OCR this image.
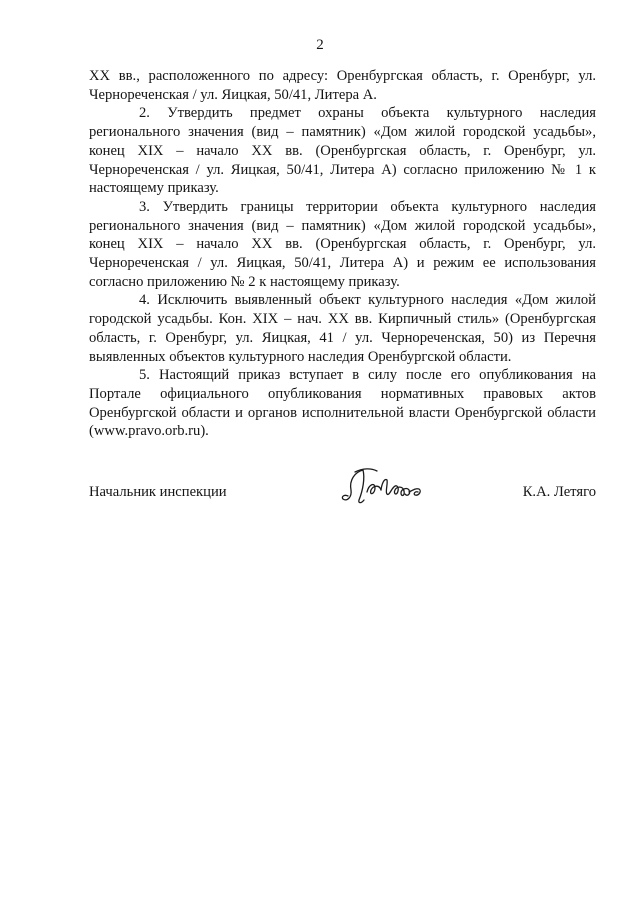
2

XX вв., расположенного по адресу: Оренбургская область, г. Оренбург, ул. Чернореченская / ул. Яицкая, 50/41, Литера А.

2. Утвердить предмет охраны объекта культурного наследия регионального значения (вид – памятник) «Дом жилой городской усадьбы», конец XIX – начало XX вв. (Оренбургская область, г. Оренбург, ул. Чернореченская / ул. Яицкая, 50/41, Литера А) согласно приложению № 1 к настоящему приказу.

3. Утвердить границы территории объекта культурного наследия регионального значения (вид – памятник) «Дом жилой городской усадьбы», конец XIX – начало XX вв. (Оренбургская область, г. Оренбург, ул. Чернореченская / ул. Яицкая, 50/41, Литера А) и режим ее использования согласно приложению № 2 к настоящему приказу.

4. Исключить выявленный объект культурного наследия «Дом жилой городской усадьбы. Кон. XIX – нач. XX вв. Кирпичный стиль» (Оренбургская область, г. Оренбург, ул. Яицкая, 41 / ул. Чернореченская, 50) из Перечня выявленных объектов культурного наследия Оренбургской области.

5. Настоящий приказ вступает в силу после его опубликования на Портале официального опубликования нормативных правовых актов Оренбургской области и органов исполнительной власти Оренбургской области (www.pravo.orb.ru).

Начальник инспекции	К.А. Летяго
